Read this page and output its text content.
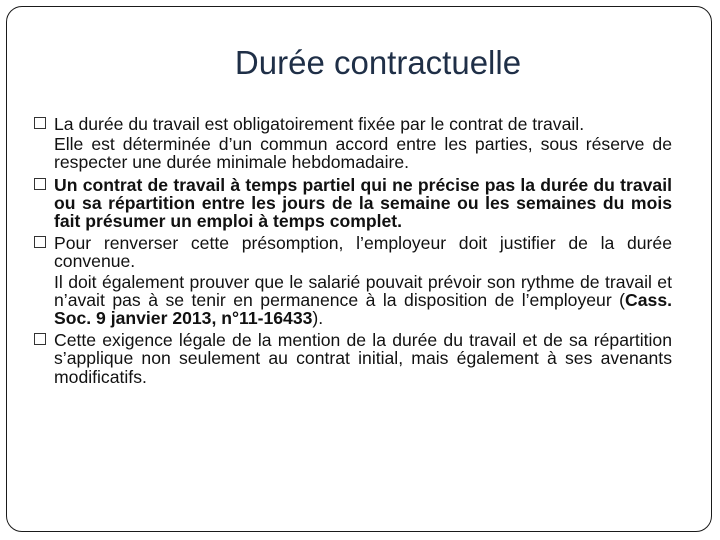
Durée contractuelle

La durée du travail est obligatoirement fixée par le contrat de travail.

Elle est déterminée d’un commun accord entre les parties, sous réserve de respecter une durée minimale hebdomadaire.

Un contrat de travail à temps partiel qui ne précise pas la durée du travail ou sa répartition entre les jours de la semaine ou les semaines du mois fait présumer un emploi à temps complet.

Pour renverser cette présomption, l’employeur doit justifier de la durée convenue.

Il doit également prouver que le salarié pouvait prévoir son rythme de travail et n’avait pas à se tenir en permanence à la disposition de l’employeur (Cass. Soc. 9 janvier 2013, n°11-16433).

Cette exigence légale de la mention de la durée du travail et de sa répartition s’applique non seulement au contrat initial, mais également à ses avenants modificatifs.
